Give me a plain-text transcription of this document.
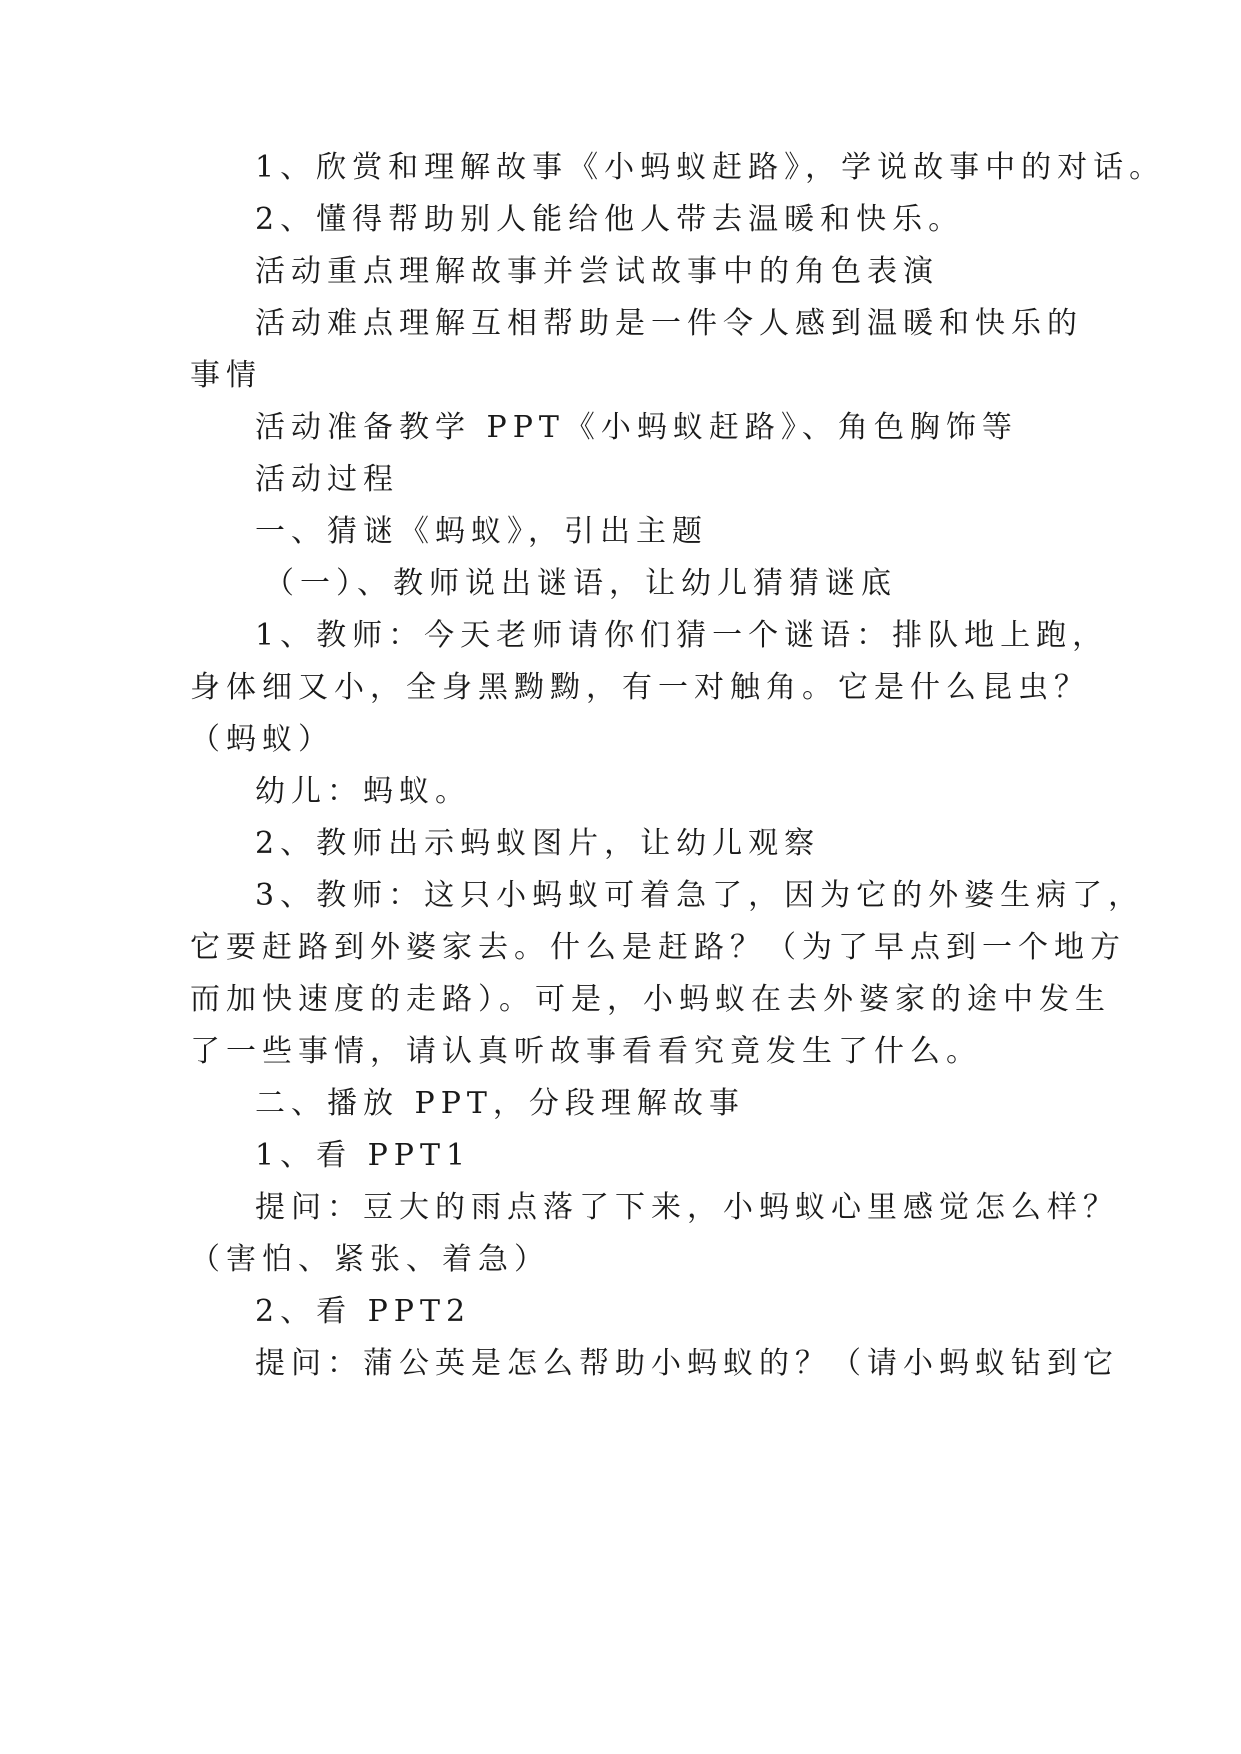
1、欣赏和理解故事《小蚂蚁赶路》，学说故事中的对话。
2、懂得帮助别人能给他人带去温暖和快乐。
活动重点理解故事并尝试故事中的角色表演
活动难点理解互相帮助是一件令人感到温暖和快乐的
事情
活动准备教学 PPT《小蚂蚁赶路》、角色胸饰等
活动过程
一、猜谜《蚂蚁》，引出主题
（一）、教师说出谜语，让幼儿猜猜谜底
1、教师：今天老师请你们猜一个谜语：排队地上跑，
身体细又小，全身黑黝黝，有一对触角。它是什么昆虫？
（蚂蚁）
幼儿：蚂蚁。
2、教师出示蚂蚁图片，让幼儿观察
3、教师：这只小蚂蚁可着急了，因为它的外婆生病了，
它要赶路到外婆家去。什么是赶路？（为了早点到一个地方
而加快速度的走路）。可是，小蚂蚁在去外婆家的途中发生
了一些事情，请认真听故事看看究竟发生了什么。
二、播放 PPT，分段理解故事
1、看 PPT1
提问：豆大的雨点落了下来，小蚂蚁心里感觉怎么样？
（害怕、紧张、着急）
2、看 PPT2
提问：蒲公英是怎么帮助小蚂蚁的？（请小蚂蚁钻到它
